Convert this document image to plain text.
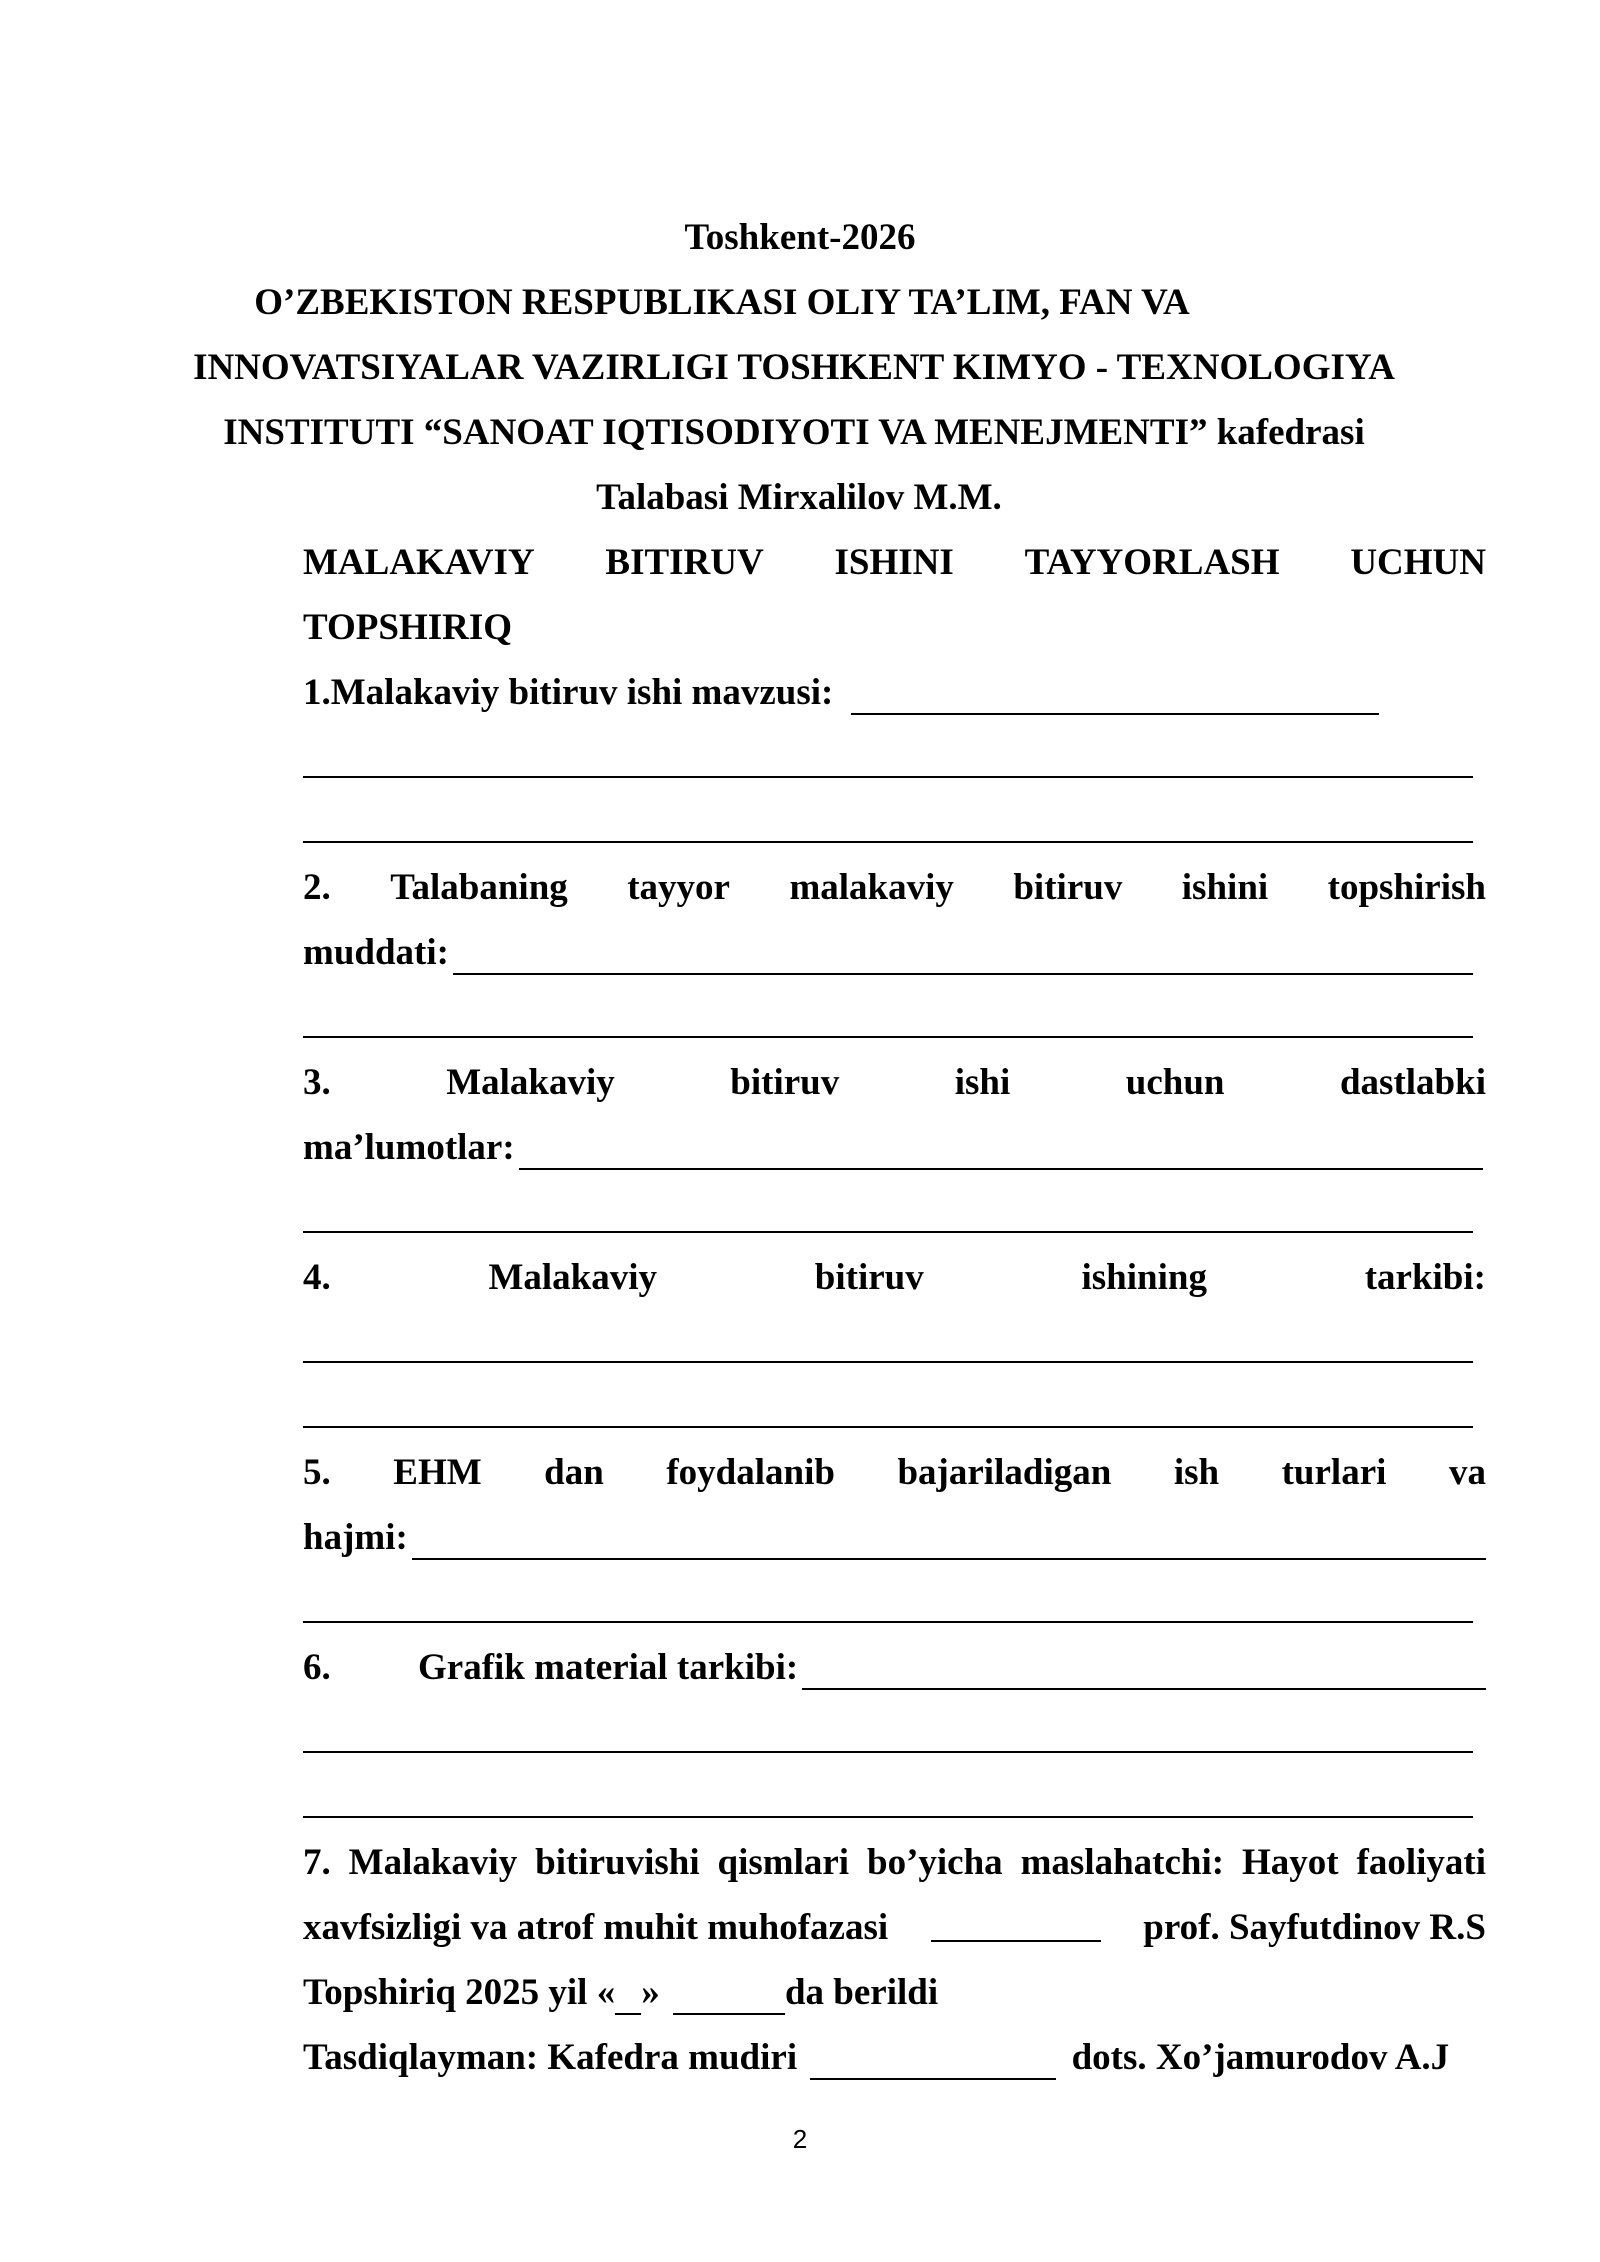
Toshkent-2026
O’ZBEKISTON RESPUBLIKASI OLIY TA’LIM, FAN VA
INNOVATSIYALAR VAZIRLIGI TOSHKENT KIMYO - TEXNOLOGIYA
INSTITUTI “SANOAT IQTISODIYOTI VA MENEJMENTI” kafedrasi
Talabasi Mirxalilov M.M.
MALAKAVIY BITIRUV ISHINI TAYYORLASH UCHUN
TOPSHIRIQ
1.Malakaviy bitiruv ishi mavzusi:
2. Talabaning tayyor malakaviy bitiruv ishini topshirish
muddati:
3.	Malakaviy	bitiruv	ishi	uchun	dastlabki
ma’lumotlar:
4.	Malakaviy	bitiruv	ishining	tarkibi:
5. EHM dan foydalanib bajariladigan ish turlari va
hajmi:
6.	Grafik material tarkibi:
7. Malakaviy bitiruvishi qismlari bo’yicha maslahatchi: Hayot faoliyati
xavfsizligi va atrof muhit muhofazasi	prof. Sayfutdinov R.S
Topshiriq 2025 yil « »	da berildi
Tasdiqlayman: Kafedra mudiri	dots. Xo’jamurodov A.J
2
